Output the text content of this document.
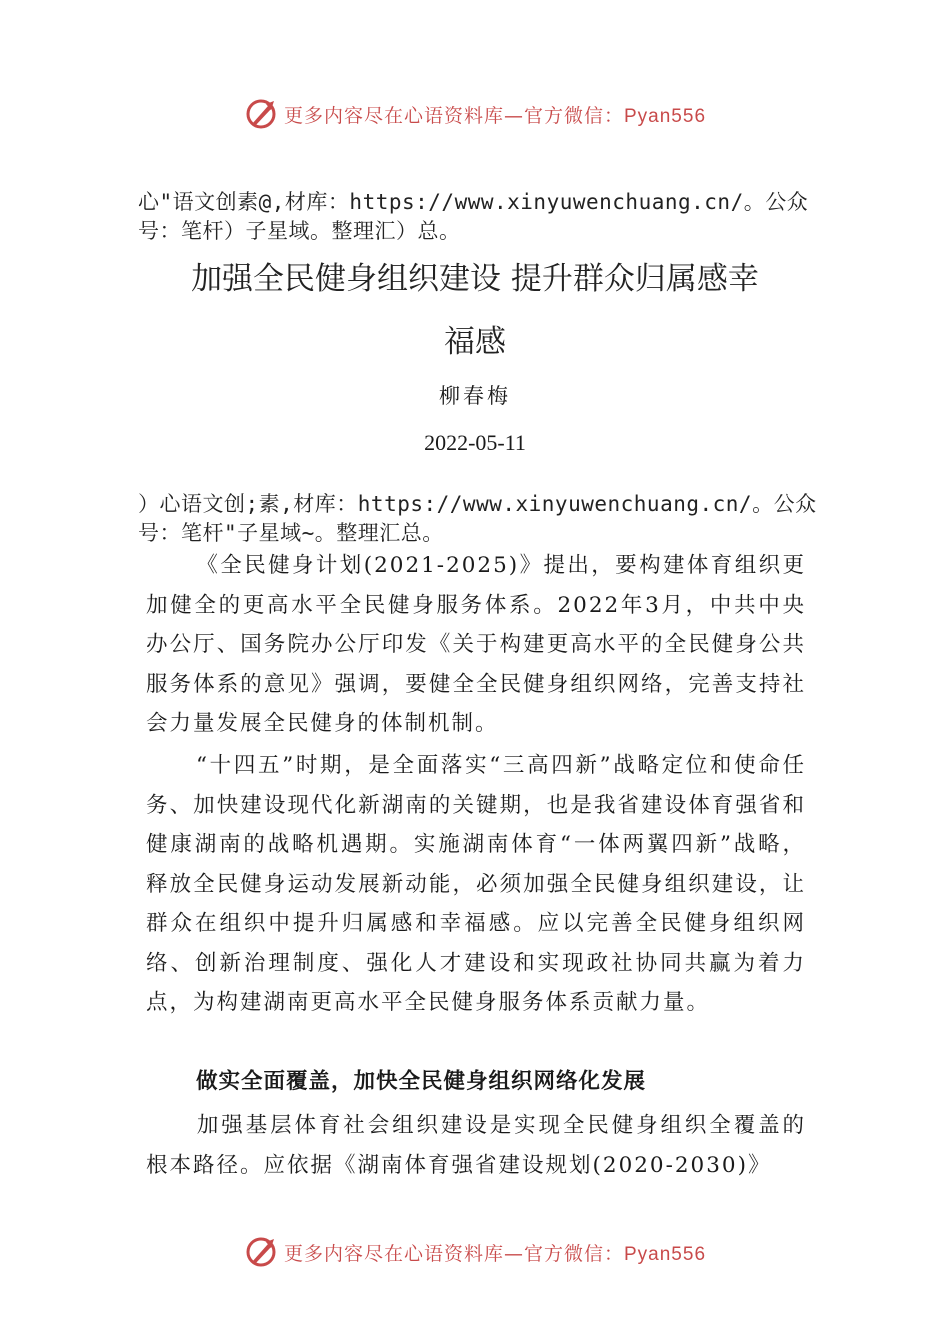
更多内容尽在心语资料库—官方微信：Pyan556
心"语文创素@,材库：https://www.xinyuwenchuang.cn/。公众号：笔杆）子星域。整理汇）总。
加强全民健身组织建设 提升群众归属感幸
福感
柳春梅
2022-05-11
）心语文创;素,材库：https://www.xinyuwenchuang.cn/。公众号：笔杆"子星域~。整理汇总。
《全民健身计划(2021-2025)》提出，要构建体育组织更加健全的更高水平全民健身服务体系。2022年3月，中共中央办公厅、国务院办公厅印发《关于构建更高水平的全民健身公共服务体系的意见》强调，要健全全民健身组织网络，完善支持社会力量发展全民健身的体制机制。
“十四五”时期，是全面落实“三高四新”战略定位和使命任务、加快建设现代化新湖南的关键期，也是我省建设体育强省和健康湖南的战略机遇期。实施湖南体育“一体两翼四新”战略，释放全民健身运动发展新动能，必须加强全民健身组织建设，让群众在组织中提升归属感和幸福感。应以完善全民健身组织网络、创新治理制度、强化人才建设和实现政社协同共赢为着力点，为构建湖南更高水平全民健身服务体系贡献力量。
做实全面覆盖，加快全民健身组织网络化发展
加强基层体育社会组织建设是实现全民健身组织全覆盖的根本路径。应依据《湖南体育强省建设规划(2020-2030)》
更多内容尽在心语资料库—官方微信：Pyan556
